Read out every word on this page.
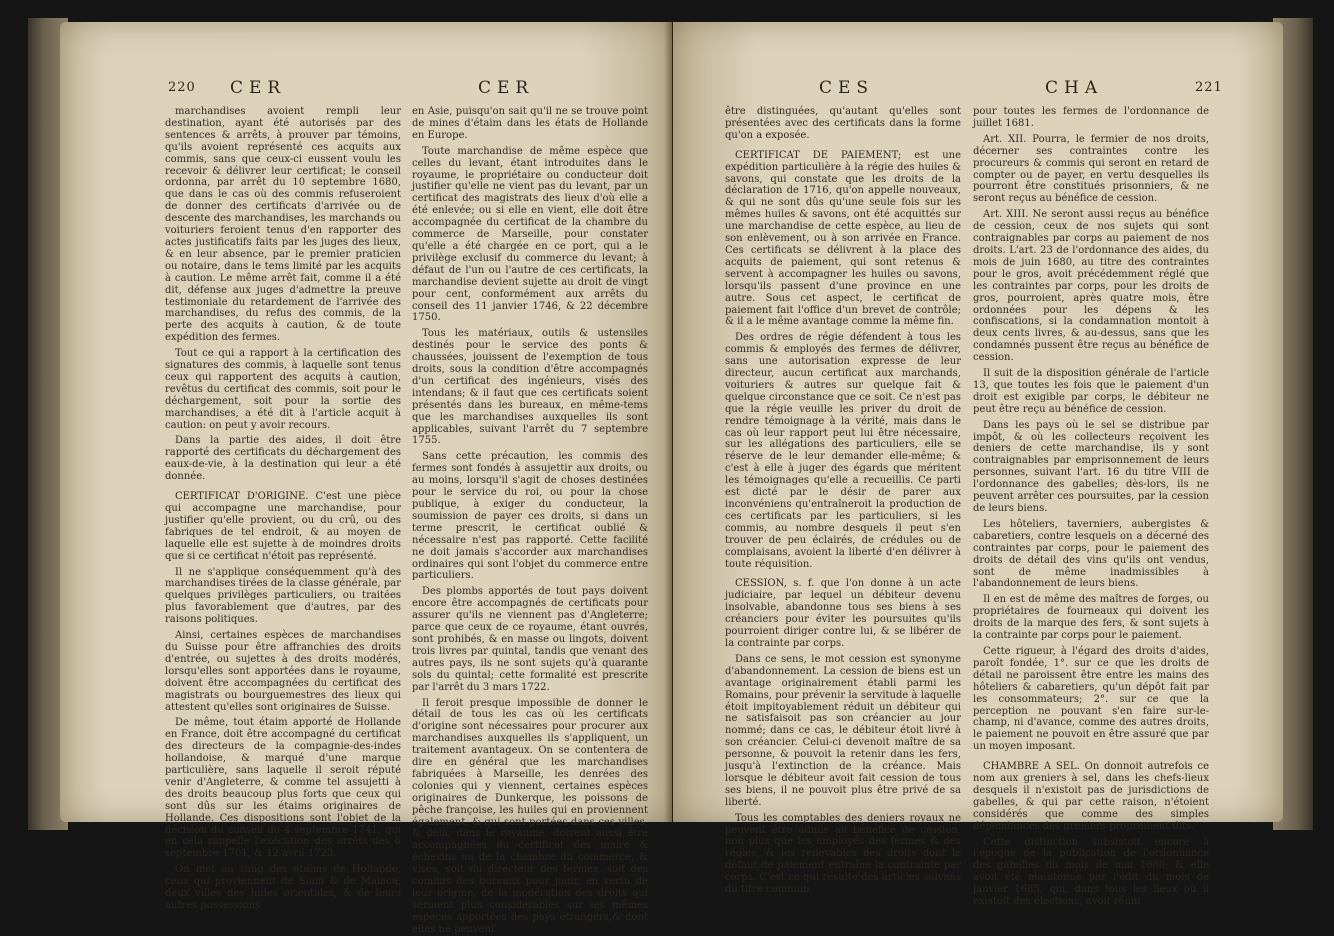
220 CER	CER

marchandises avoient rempli leur destination, ayant été autorisés par des sentences & arrêts, à prouver par témoins, qu'ils avoient représenté ces acquits aux commis, sans que ceux-ci eussent voulu les recevoir & délivrer leur certificat; le conseil ordonna, par arrêt du 10 septembre 1680, que dans le cas où des commis refuseroient de donner des certificats d'arrivée ou de descente des marchandises, les marchands ou voituriers feroient tenus d'en rapporter des actes justificatifs faits par les juges des lieux, & en leur absence, par le premier praticien ou notaire, dans le tems limité par les acquits à caution. Le même arrêt fait, comme il a été dit, défense aux juges d'admettre la preuve testimoniale du retardement de l'arrivée des marchandises, du refus des commis, de la perte des acquits à caution, & de toute expédition des fermes.

Tout ce qui a rapport à la certification des signatures des commis, à laquelle sont tenus ceux qui rapportent des acquits à caution, revêtus du certificat des commis, soit pour le déchargement, soit pour la sortie des marchandises, a été dit à l'article acquit à caution: on peut y avoir recours.

Dans la partie des aides, il doit être rapporté des certificats du déchargement des eaux-de-vie, à la destination qui leur a été donnée.

CERTIFICAT D'ORIGINE. C'est une pièce qui accompagne une marchandise, pour justifier qu'elle provient, ou du crû, ou des fabriques de tel endroit, & au moyen de laquelle elle est sujette à de moindres droits que si ce certificat n'étoit pas représenté.

Il ne s'applique conséquemment qu'à des marchandises tirées de la classe générale, par quelques privilèges particuliers, ou traitées plus favorablement que d'autres, par des raisons politiques.

Ainsi, certaines espèces de marchandises du Suisse pour être affranchies des droits d'entrée, ou sujettes à des droits modérés, lorsqu'elles sont apportées dans le royaume, doivent être accompagnées du certificat des magistrats ou bourguemestres des lieux qui attestent qu'elles sont originaires de Suisse.

De même, tout étaim apporté de Hollande en France, doit être accompagné du certificat des directeurs de la compagnie-des-indes hollandoise, & marqué d'une marque particulière, sans laquelle il seroit réputé venir d'Angleterre, & comme tel assujetti à des droits beaucoup plus forts que ceux qui sont dûs sur les étaims originaires de Hollande. Ces dispositions sont l'objet de la décision du conseil du 4 septembre 1741, qui en cela rappelle l'exécution des arrêts des 6 septembre 1701, & 12 avril 1723.

On met au rang des étaims de Hollande, ceux qui proviennent de Siam & de Malaca, deux villes des Indes orientales, & de leurs autres possessions

en Asie, puisqu'on sait qu'il ne se trouve point de mines d'étaim dans les états de Hollande en Europe.

Toute marchandise de même espèce que celles du levant, étant introduites dans le royaume, le propriétaire ou conducteur doit justifier qu'elle ne vient pas du levant, par un certificat des magistrats des lieux d'où elle a été enlevée; ou si elle en vient, elle doit être accompagnée du certificat de la chambre du commerce de Marseille, pour constater qu'elle a été chargée en ce port, qui a le privilège exclusif du commerce du levant; à défaut de l'un ou l'autre de ces certificats, la marchandise devient sujette au droit de vingt pour cent, conformément aux arrêts du conseil des 11 janvier 1746, & 22 décembre 1750.

Tous les matériaux, outils & ustensiles destinés pour le service des ponts & chaussées, jouissent de l'exemption de tous droits, sous la condition d'être accompagnés d'un certificat des ingénieurs, visés des intendans; & il faut que ces certificats soient présentés dans les bureaux, en même-tems que les marchandises auxquelles ils sont applicables, suivant l'arrêt du 7 septembre 1755.

Sans cette précaution, les commis des fermes sont fondés à assujettir aux droits, ou au moins, lorsqu'il s'agit de choses destinées pour le service du roi, ou pour la chose publique, à exiger du conducteur, la soumission de payer ces droits, si dans un terme prescrit, le certificat oublié & nécessaire n'est pas rapporté. Cette facilité ne doit jamais s'accorder aux marchandises ordinaires qui sont l'objet du commerce entre particuliers.

Des plombs apportés de tout pays doivent encore être accompagnés de certificats pour assurer qu'ils ne viennent pas d'Angleterre; parce que ceux de ce royaume, étant ouvrés, sont prohibés, & en masse ou lingots, doivent trois livres par quintal, tandis que venant des autres pays, ils ne sont sujets qu'à quarante sols du quintal; cette formalité est prescrite par l'arrêt du 3 mars 1722.

Il feroit presque impossible de donner le détail de tous les cas où les certificats d'origine sont nécessaires pour procurer aux marchandises auxquelles ils s'appliquent, un traitement avantageux. On se contentera de dire en général que les marchandises fabriquées à Marseille, les denrées des colonies qui y viennent, certaines espèces originaires de Dunkerque, les poissons de pêche françoise, les huiles qui en proviennent également, & qui sont portées dans ces villes, & delà, dans le royaume, doivent aussi être accompagnées du certificat des maire & échevins ou de la chambre du commerce, & visés, soit du directeur des fermes, soit des commis des bureaux pour jouir, en vertu de leur origine, de la modération des droits qui seroient plus considérables sur les mêmes espèces apportées des pays étrangers,& dont elles ne peuvent

CES	CHA	221

être distinguées, qu'autant qu'elles sont présentées avec des certificats dans la forme qu'on a exposée.

CERTIFICAT DE PAIEMENT; est une expédition particulière à la régie des huiles & savons, qui constate que les droits de la déclaration de 1716, qu'on appelle nouveaux, & qui ne sont dûs qu'une seule fois sur les mêmes huiles & savons, ont été acquittés sur une marchandise de cette espèce, au lieu de son enlèvement, ou à son arrivée en France. Ces certificats se délivrent à la place des acquits de paiement, qui sont retenus & servent à accompagner les huiles ou savons, lorsqu'ils passent d'une province en une autre. Sous cet aspect, le certificat de paiement fait l'office d'un brevet de contrôle; & il a le même avantage comme la même fin.

Des ordres de régie défendent à tous les commis & employés des fermes de délivrer, sans une autorisation expresse de leur directeur, aucun certificat aux marchands, voituriers & autres sur quelque fait & quelque circonstance que ce soit. Ce n'est pas que la régie veuille les priver du droit de rendre témoignage à la vérité, mais dans le cas où leur rapport peut lui être nécessaire, sur les allégations des particuliers, elle se réserve de le leur demander elle-même; & c'est à elle à juger des égards que méritent les témoignages qu'elle a recueillis. Ce parti est dicté par le désir de parer aux inconvéniens qu'entraîneroit la production de ces certificats par les particuliers, si les commis, au nombre desquels il peut s'en trouver de peu éclairés, de crédules ou de complaisans, avoient la liberté d'en délivrer à toute réquisition.

CESSION, s. f. que l'on donne à un acte judiciaire, par lequel un débiteur devenu insolvable, abandonne tous ses biens à ses créanciers pour éviter les poursuites qu'ils pourroient diriger contre lui, & se libérer de la contrainte par corps.

Dans ce sens, le mot cession est synonyme d'abandonnement. La cession de biens est un avantage originairement établi parmi les Romains, pour prévenir la servitude à laquelle étoit impitoyablement réduit un débiteur qui ne satisfaisoit pas son créancier au jour nommé; dans ce cas, le débiteur étoit livré à son créancier. Celui-ci devenoit maître de sa personne, & pouvoit la retenir dans les fers, jusqu'à l'extinction de la créance. Mais lorsque le débiteur avoit fait cession de tous ses biens, il ne pouvoit plus être privé de sa liberté.

Tous les comptables des deniers royaux ne peuvent être admis au bénéfice de cession, non plus que les employés des fermes & des régies, & les redevables des droits dont le défaut de paiement entraîne la contrainte par corps. C'est ce qui résulte des articles suivans du titre commun

pour toutes les fermes de l'ordonnance de juillet 1681.

Art. XII. Pourra, le fermier de nos droits, décerner ses contraintes contre les procureurs & commis qui seront en retard de compter ou de payer, en vertu desquelles ils pourront être constitués prisonniers, & ne seront reçus au bénéfice de cession.

Art. XIII. Ne seront aussi reçus au bénéfice de cession, ceux de nos sujets qui sont contraignables par corps au paiement de nos droits. L'art. 23 de l'ordonnance des aides, du mois de juin 1680, au titre des contraintes pour le gros, avoit précédemment réglé que les contraintes par corps, pour les droits de gros, pourroient, après quatre mois, être ordonnées pour les dépens & les confiscations, si la condamnation montoit à deux cents livres, & au-dessus, sans que les condamnés pussent être reçus au bénéfice de cession.

Il suit de la disposition générale de l'article 13, que toutes les fois que le paiement d'un droit est exigible par corps, le débiteur ne peut être reçu au bénéfice de cession.

Dans les pays où le sel se distribue par impôt, & où les collecteurs reçoivent les deniers de cette marchandise, ils y sont contraignables par emprisonnement de leurs personnes, suivant l'art. 16 du titre VIII de l'ordonnance des gabelles; dès-lors, ils ne peuvent arrêter ces poursuites, par la cession de leurs biens.

Les hôteliers, taverniers, aubergistes & cabaretiers, contre lesquels on a décerné des contraintes par corps, pour le paiement des droits de détail des vins qu'ils ont vendus, sont de même inadmissibles à l'abandonnement de leurs biens.

Il en est de même des maîtres de forges, ou propriétaires de fourneaux qui doivent les droits de la marque des fers, & sont sujets à la contrainte par corps pour le paiement.

Cette rigueur, à l'égard des droits d'aides, paroît fondée, 1°. sur ce que les droits de détail ne paroissent être entre les mains des hôteliers & cabaretiers, qu'un dépôt fait par les consommateurs; 2°. sur ce que la perception ne pouvant s'en faire sur-le-champ, ni d'avance, comme des autres droits, le paiement ne pouvoit en être assuré que par un moyen imposant.

CHAMBRE A SEL. On donnoit autrefois ce nom aux greniers à sel, dans les chefs-lieux desquels il n'existoit pas de jurisdictions de gabelles, & qui par cette raison, n'étoient considérés que comme des simples dépendances des greniers proprement dits.

Cette distinction subsistoit encore à l'époque de la publication de l'ordonnance des gabelles du mois de mai 1680; & elle avoit été maintenue par l'édit du mois de janvier 1685, qui, dans tous les lieux où il existoit des élections, avoit réuni
